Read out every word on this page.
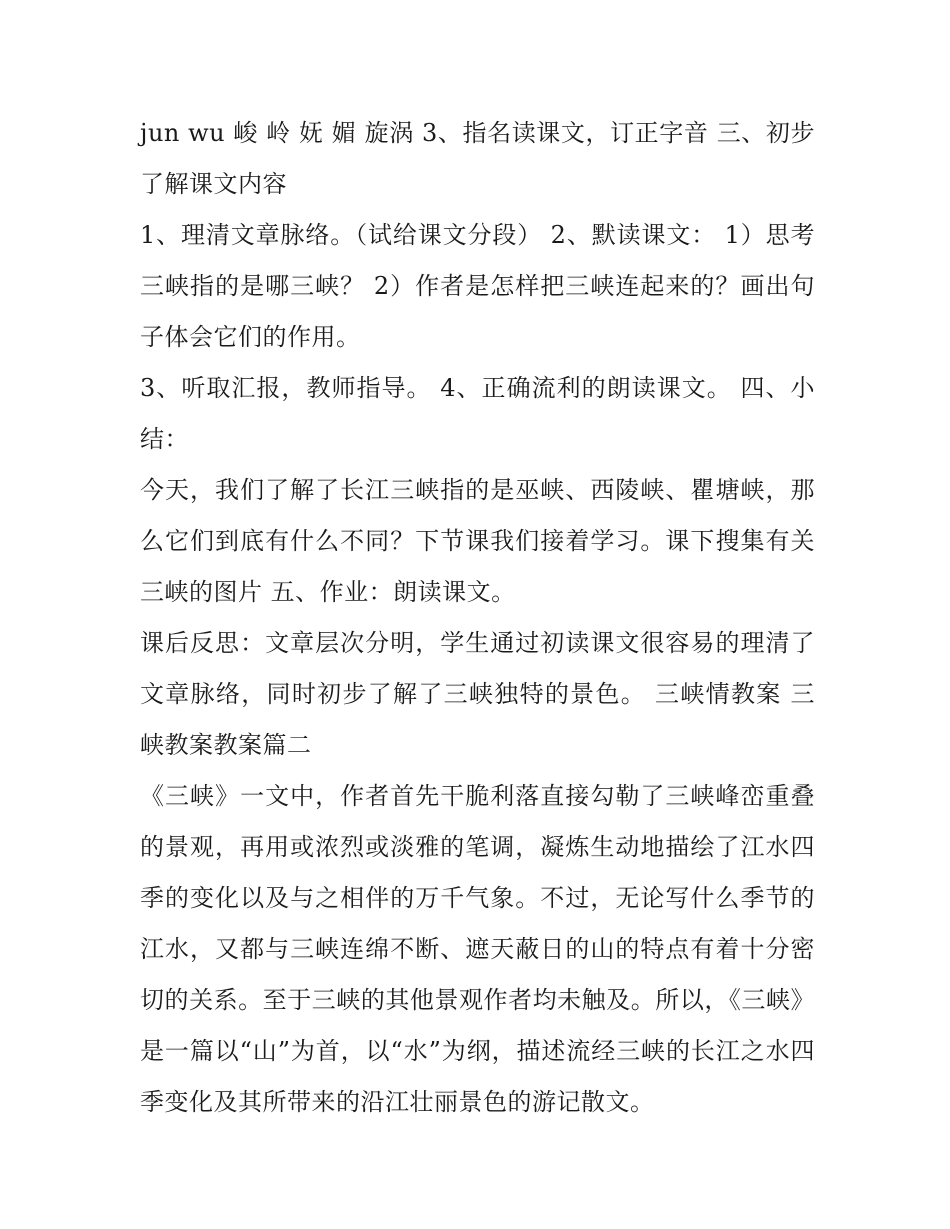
jun wu 峻 岭 妩 媚 旋涡 3、指名读课文，订正字音 三、初步了解课文内容

1、理清文章脉络。（试给课文分段） 2、默读课文： 1）思考三峡指的是哪三峡？ 2）作者是怎样把三峡连起来的？画出句子体会它们的作用。

3、听取汇报，教师指导。 4、正确流利的朗读课文。 四、小结：

今天，我们了解了长江三峡指的是巫峡、西陵峡、瞿塘峡，那么它们到底有什么不同？下节课我们接着学习。课下搜集有关三峡的图片 五、作业：朗读课文。

课后反思：文章层次分明，学生通过初读课文很容易的理清了文章脉络，同时初步了解了三峡独特的景色。 三峡情教案 三峡教案教案篇二

《三峡》一文中，作者首先干脆利落直接勾勒了三峡峰峦重叠的景观，再用或浓烈或淡雅的笔调，凝炼生动地描绘了江水四季的变化以及与之相伴的万千气象。不过，无论写什么季节的江水，又都与三峡连绵不断、遮天蔽日的山的特点有着十分密切的关系。至于三峡的其他景观作者均未触及。所以，《三峡》是一篇以“山”为首，以“水”为纲，描述流经三峡的长江之水四季变化及其所带来的沿江壮丽景色的游记散文。
